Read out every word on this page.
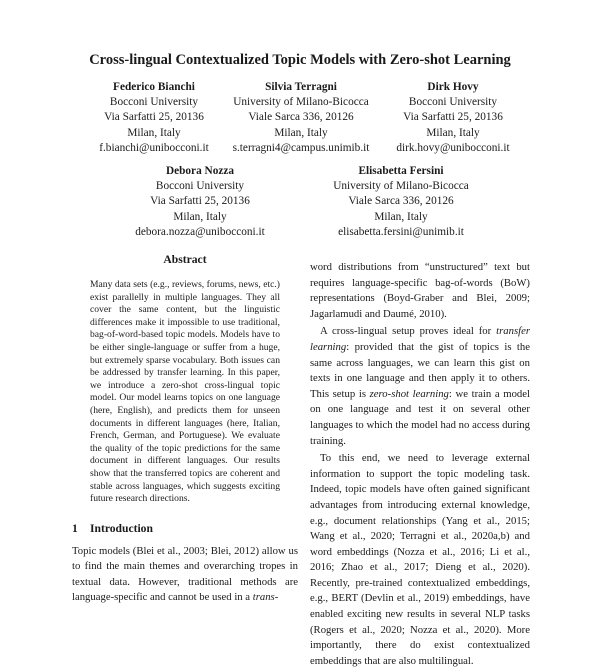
Cross-lingual Contextualized Topic Models with Zero-shot Learning
Federico Bianchi
Bocconi University
Via Sarfatti 25, 20136
Milan, Italy
f.bianchi@unibocconi.it
Silvia Terragni
University of Milano-Bicocca
Viale Sarca 336, 20126
Milan, Italy
s.terragni4@campus.unimib.it
Dirk Hovy
Bocconi University
Via Sarfatti 25, 20136
Milan, Italy
dirk.hovy@unibocconi.it
Debora Nozza
Bocconi University
Via Sarfatti 25, 20136
Milan, Italy
debora.nozza@unibocconi.it
Elisabetta Fersini
University of Milano-Bicocca
Viale Sarca 336, 20126
Milan, Italy
elisabetta.fersini@unimib.it
Abstract

Many data sets (e.g., reviews, forums, news, etc.) exist parallelly in multiple languages. They all cover the same content, but the linguistic differences make it impossible to use traditional, bag-of-word-based topic models. Models have to be either single-language or suffer from a huge, but extremely sparse vocabulary. Both issues can be addressed by transfer learning. In this paper, we introduce a zero-shot cross-lingual topic model. Our model learns topics on one language (here, English), and predicts them for unseen documents in different languages (here, Italian, French, German, and Portuguese). We evaluate the quality of the topic predictions for the same document in different languages. Our results show that the transferred topics are coherent and stable across languages, which suggests exciting future research directions.

1 Introduction

Topic models (Blei et al., 2003; Blei, 2012) allow us to find the main themes and overarching tropes in textual data. However, traditional methods are language-specific and cannot be used in a trans-

word distributions from “unstructured” text but requires language-specific bag-of-words (BoW) representations (Boyd-Graber and Blei, 2009; Jagarlamudi and Daumé, 2010).

A cross-lingual setup proves ideal for transfer learning: provided that the gist of topics is the same across languages, we can learn this gist on texts in one language and then apply it to others. This setup is zero-shot learning: we train a model on one language and test it on several other languages to which the model had no access during training.

To this end, we need to leverage external information to support the topic modeling task. Indeed, topic models have often gained significant advantages from introducing external knowledge, e.g., document relationships (Yang et al., 2015; Wang et al., 2020; Terragni et al., 2020a,b) and word embeddings (Nozza et al., 2016; Li et al., 2016; Zhao et al., 2017; Dieng et al., 2020). Recently, pre-trained contextualized embeddings, e.g., BERT (Devlin et al., 2019) embeddings, have enabled exciting new results in several NLP tasks (Rogers et al., 2020; Nozza et al., 2020). More importantly, there do exist contextualized embeddings that are also multilingual.
